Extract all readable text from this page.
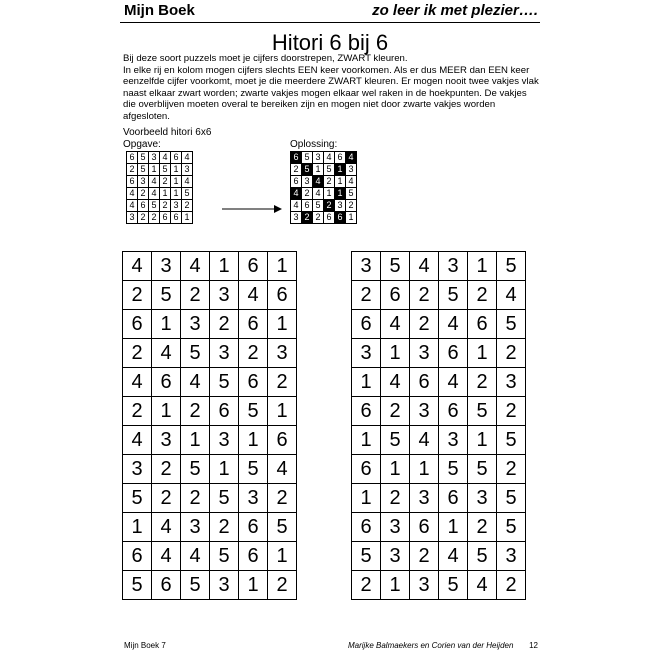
Mijn Boek	zo leer ik met plezier….
Hitori 6 bij 6

Bij deze soort puzzels moet je cijfers doorstrepen, ZWART kleuren.

In elke rij en kolom mogen cijfers slechts EEN keer voorkomen. Als er dus MEER dan EEN keer eenzelfde cijfer voorkomt, moet je die meerdere ZWART kleuren. Er mogen nooit twee vakjes vlak naast elkaar zwart worden; zwarte vakjes mogen elkaar wel raken in de hoekpunten. De vakjes die overblijven moeten overal te bereiken zijn en mogen niet door zwarte vakjes worden afgesloten.

Voorbeeld hitori 6x6
Opgave:	Oplossing:
6	5	3	4	6	4
2	5	1	5	1	3
6	3	4	2	1	4
4	2	4	1	1	5
4	6	5	2	3	2
3	2	2	6	6	1
6	5	3	4	6	4
2	5	1	5	1	3
6	3	4	2	1	4
4	2	4	1	1	5
4	6	5	2	3	2
3	2	2	6	6	1
4	3	4	1	6	1
2	5	2	3	4	6
6	1	3	2	6	1
2	4	5	3	2	3
4	6	4	5	6	2
2	1	2	6	5	1
3	5	4	3	1	5
2	6	2	5	2	4
6	4	2	4	6	5
3	1	3	6	1	2
1	4	6	4	2	3
6	2	3	6	5	2
4	3	1	3	1	6
3	2	5	1	5	4
5	2	2	5	3	2
1	4	3	2	6	5
6	4	4	5	6	1
5	6	5	3	1	2
1	5	4	3	1	5
6	1	1	5	5	2
1	2	3	6	3	5
6	3	6	1	2	5
5	3	2	4	5	3
2	1	3	5	4	2
Mijn Boek 7	Marijke Balmaekers en Corien van der Heijden 12
